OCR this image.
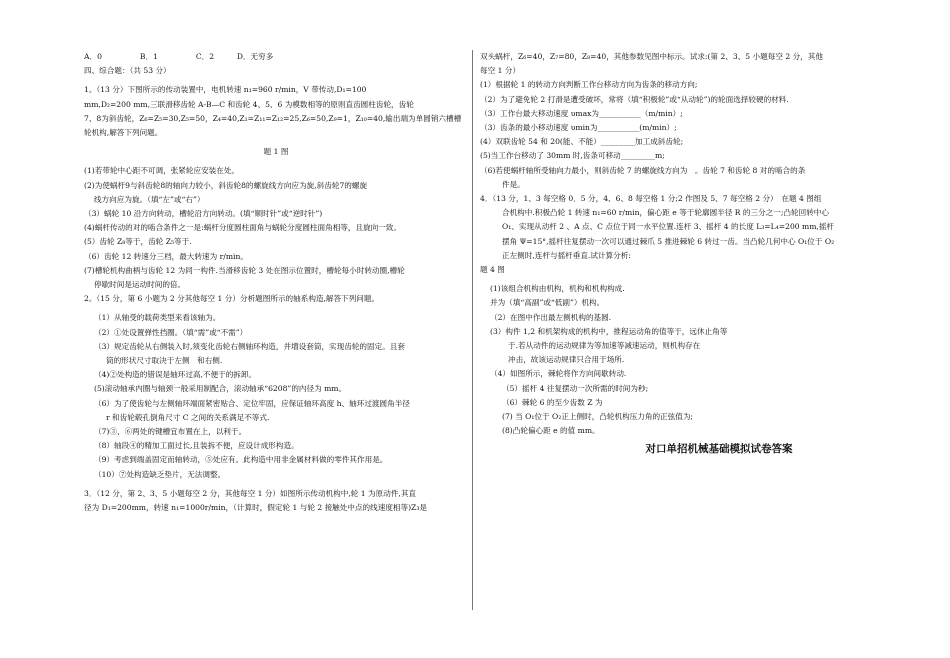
A．0　　　　　B．1　　　　　C．2　　　D．无穷多
四、综合题：（共 53 分）
1。（13 分）下图所示的传动装置中，电机转速 n₁=960 r/min，V 带传动,D₁=100
mm,D₂=200 mm,三联滑移齿轮 A-B—C 和齿轮 4、5、6 为模数相等的原则直齿圆柱齿轮，齿轮
7、8为斜齿轮，Z₆=Z₅=30,Z₅=50，Z₄=40,Z₁=Z₁₁=Z₁₂=25,Z₆=50,Z₉=1，Z₁₀=40,输出端为单圆销六槽槽
轮机构,解答下列问题。
题 1 图
(1)若带轮中心距不可调，张紧轮应安装在处。
(2)为使蜗杆9与斜齿轮8的轴向力较小，斜齿轮8的螺旋线方向应为旋,斜齿轮7的螺旋
线方向应为旋。（填“左”或“右”）
（3）蜗轮 10 沿方向转动，槽轮沿方向转动。(填“顺时针”或“逆时针”)
(4)蜗杆传动的对的啮合条件之一是:蜗杆分度圆柱面角与蜗轮分度圆柱面角相等，且旋向一致。
(5）齿轮 Z₈等于，齿轮 Z₅等于.
（6）齿轮 12 转速分三档，最大转速为 r/min。
(7)槽轮机构曲柄与齿轮 12 为同一构件.当滑移齿轮 3 处在图示位置时，槽轮每小时转动圈,槽轮
停歇时间是运动时间的倍。
2。（15 分，第 6 小题为 2 分其他每空 1 分）分析题图所示的轴系构造,解答下列问题。
（1）从轴受的载荷类型来看该轴为。
（2）①处设置弹性挡圈。（填“需”或“不需”）
（3）规定齿轮从右侧装入时,须变化齿轮右侧轴环构造，并增设套筒，实现齿轮的固定。且套
筒的形状尺寸取决于左侧　和右侧.
（4)②处构造的错误是轴环过高,不便于的拆卸。
(5)滚动轴承内圈与轴颈一般采用制配合，滚动轴承“6208”的内径为 mm。
（6）为了使齿轮与左侧轴环端面紧密贴合、定位牢固，应保证轴环高度 h、轴环过渡圆角半径
r 和齿轮毂孔倒角尺寸 C 之间的关系满足不等式.
（7)③、⑥两处的键槽宜布置在上，以利于。
（8）轴段④的精加工面过长,且装拆不便，应设计成形构造。
（9）考虑到端盖固定而轴转动，⑤处应有。此构造中用非金属材料做的零件其作用是。
（10）⑦处构造缺乏垫片，无法调整。
3．（12 分，第 2、3、5 小题每空 2 分，其他每空 1 分）如图所示传动机构中,轮 1 为原动件,其直
径为 D₁=200mm，转速 n₁=1000r/min，（计算时，假定轮 1 与轮 2 接触处中点的线速度相等)Z₃是
双头蜗杆，Z₆=40，Z₇=80，Z₈=40，其他参数见图中标示。试求:(第 2、3、5 小题每空 2 分，其他
每空 1 分）
(1）根据轮 1 的转动方向判断工作台移动方向为齿条的移动方向;
（2）为了避免轮 2 打滑是遭受破坏，常将（填“积极轮”或“从动轮”)的轮面选择较硬的材料.
（3）工作台最大移动速度 υmax为___________（m/min）;
（3）齿条的最小移动速度 υmin为___________(m/min）;
(4）双联齿轮 54 和 20(能、不能）_________加工成斜齿轮;
(5)当工作台移动了 30mm 时,齿条可移动_________m;
（6)若使蜗杆轴所受轴向力最小，则斜齿轮 7 的螺旋线方向为　。齿轮 7 和齿轮 8 对的啮合的条
件是。
4．（13 分，1、3 每空格 0．5 分，4、6、8 每空格 1 分;2 作图及 5、7 每空格 2 分）　在题 4 图组
合机构中.积极凸轮 1 转速 n₁=60 r/min，偏心距 e 等于轮廓圆半径 R 的三分之一;凸轮回转中心
O₁、实现从动杆 2 、A 点、C 点位于同一水平位置.连杆 3、摇杆 4 的长度 L₃=L₄=200 mm,摇杆
摆角 Ψ=15°,摇杆往复摆动一次可以通过棘爪 5 推进棘轮 6 转过一齿。当凸轮几何中心 O₁位于 O₂
正左侧时,连杆与摇杆垂直.试计算分析:
题 4 图
(1)该组合机构由机构，机构和机构构成.
并为（填“高副”或“低副”）机构。
（2）在图中作出最左侧机构的基圆.
(3）构件 1,2 和机架构成的机构中，推程运动角的值等于，远休止角等
于.若从动件的运动规律为等加速等减速运动，则机构存在
冲击，故该运动规律只合用于场所.
（4）如图所示，棘轮将作方向间歇转动.
（5）摇杆 4 往复摆动一次所需的时间为秒;
（6）棘轮 6 的至少齿数 Z 为
(7) 当 O₁位于 O₂正上侧时，凸轮机构压力角的正弦值为;
(8)凸轮偏心距 e 的值 mm。
对口单招机械基础模拟试卷答案
